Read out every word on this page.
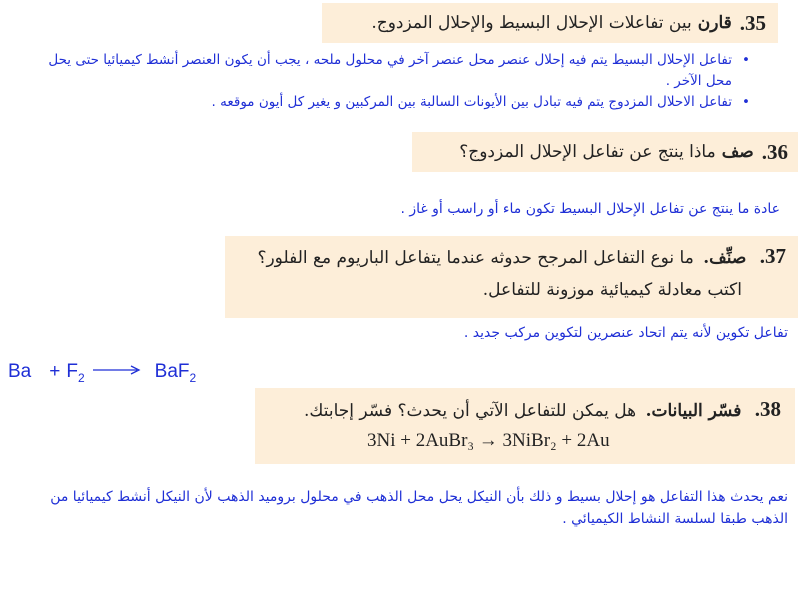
35.
قارن
بين تفاعلات الإحلال البسيط والإحلال المزدوج.
•
تفاعل الإحلال البسيط يتم فيه إحلال عنصر محل عنصر آخر في محلول ملحه ، يجب أن يكون العنصر أنشط كيميائيا حتى يحل محل الآخر .
•
تفاعل الاحلال المزدوج يتم فيه تبادل بين الأيونات السالبة بين المركبين و يغير كل أيون موقعه .
36.
صف
ماذا ينتج عن تفاعل الإحلال المزدوج؟
عادة ما ينتج عن تفاعل الإحلال البسيط تكون ماء أو راسب أو غاز .
37. صنِّف. ما نوع التفاعل المرجح حدوثه عندما يتفاعل الباريوم مع الفلور؟
اكتب معادلة كيميائية موزونة للتفاعل.
تفاعل تكوين لأنه يتم اتحاد عنصرين لتكوين مركب جديد .
$Ba + F_2$	BaF$_2$
38. فسّر البيانات. هل يمكن للتفاعل الآتي أن يحدث؟ فسّر إجابتك.
3Ni + 2AuBr₃ → 3NiBr₂ + 2Au
نعم يحدث هذا التفاعل هو إحلال بسيط و ذلك بأن النيكل يحل محل الذهب في محلول بروميد الذهب لأن النيكل أنشط كيميائيا من الذهب طبقا لسلسة النشاط الكيميائي .
